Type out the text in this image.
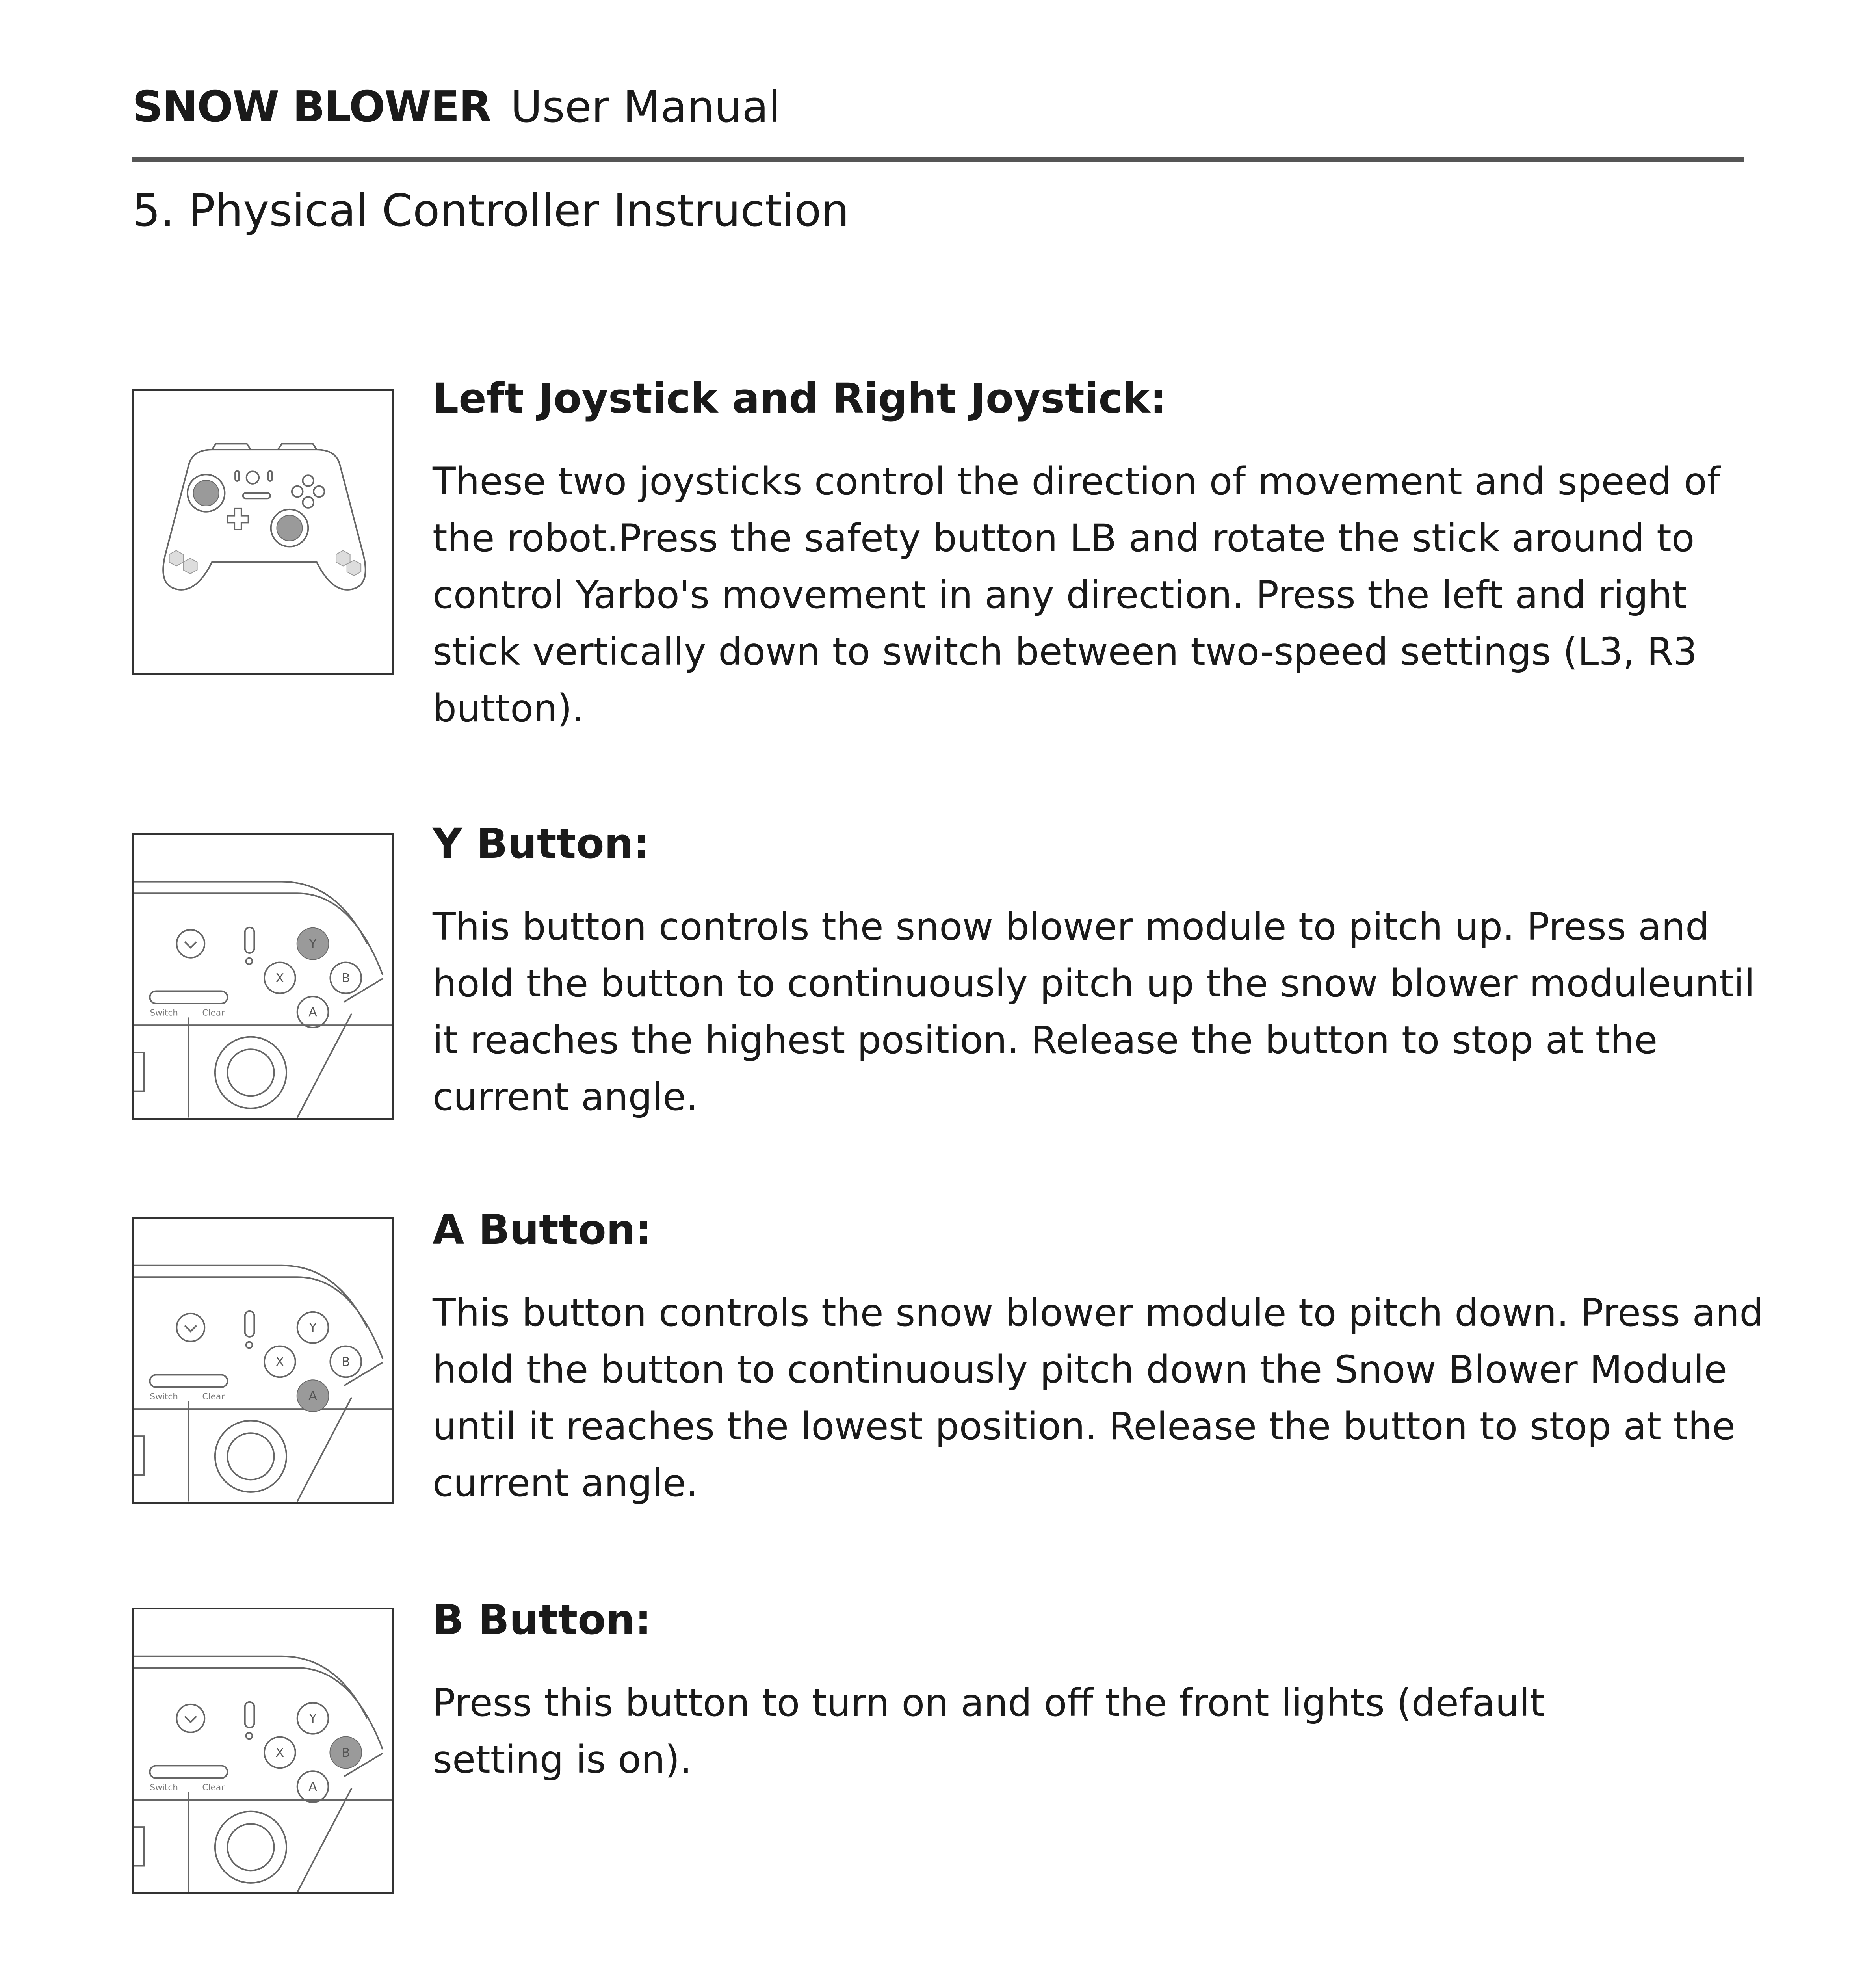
SNOW BLOWER User Manual
5. Physical Controller Instruction
Left Joystick and Right Joystick:

These two joysticks control the direction of movement and speed of the robot.Press the safety button LB and rotate the stick around to control Yarbo's movement in any direction. Press the left and right stick vertically down to switch between two-speed settings (L3, R3 button).

Switch	Clear
Y
X	B
A
Y Button:

This button controls the snow blower module to pitch up. Press and hold the button to continuously pitch up the snow blower moduleuntil it reaches the highest position. Release the button to stop at the current angle.

Switch	Clear
Y
X	B
A
A Button:

This button controls the snow blower module to pitch down. Press and hold the button to continuously pitch down the Snow Blower Module until it reaches the lowest position. Release the button to stop at the current angle.

Switch	Clear
Y
X	B
A
B Button:

Press this button to turn on and off the front lights (default setting is on).
